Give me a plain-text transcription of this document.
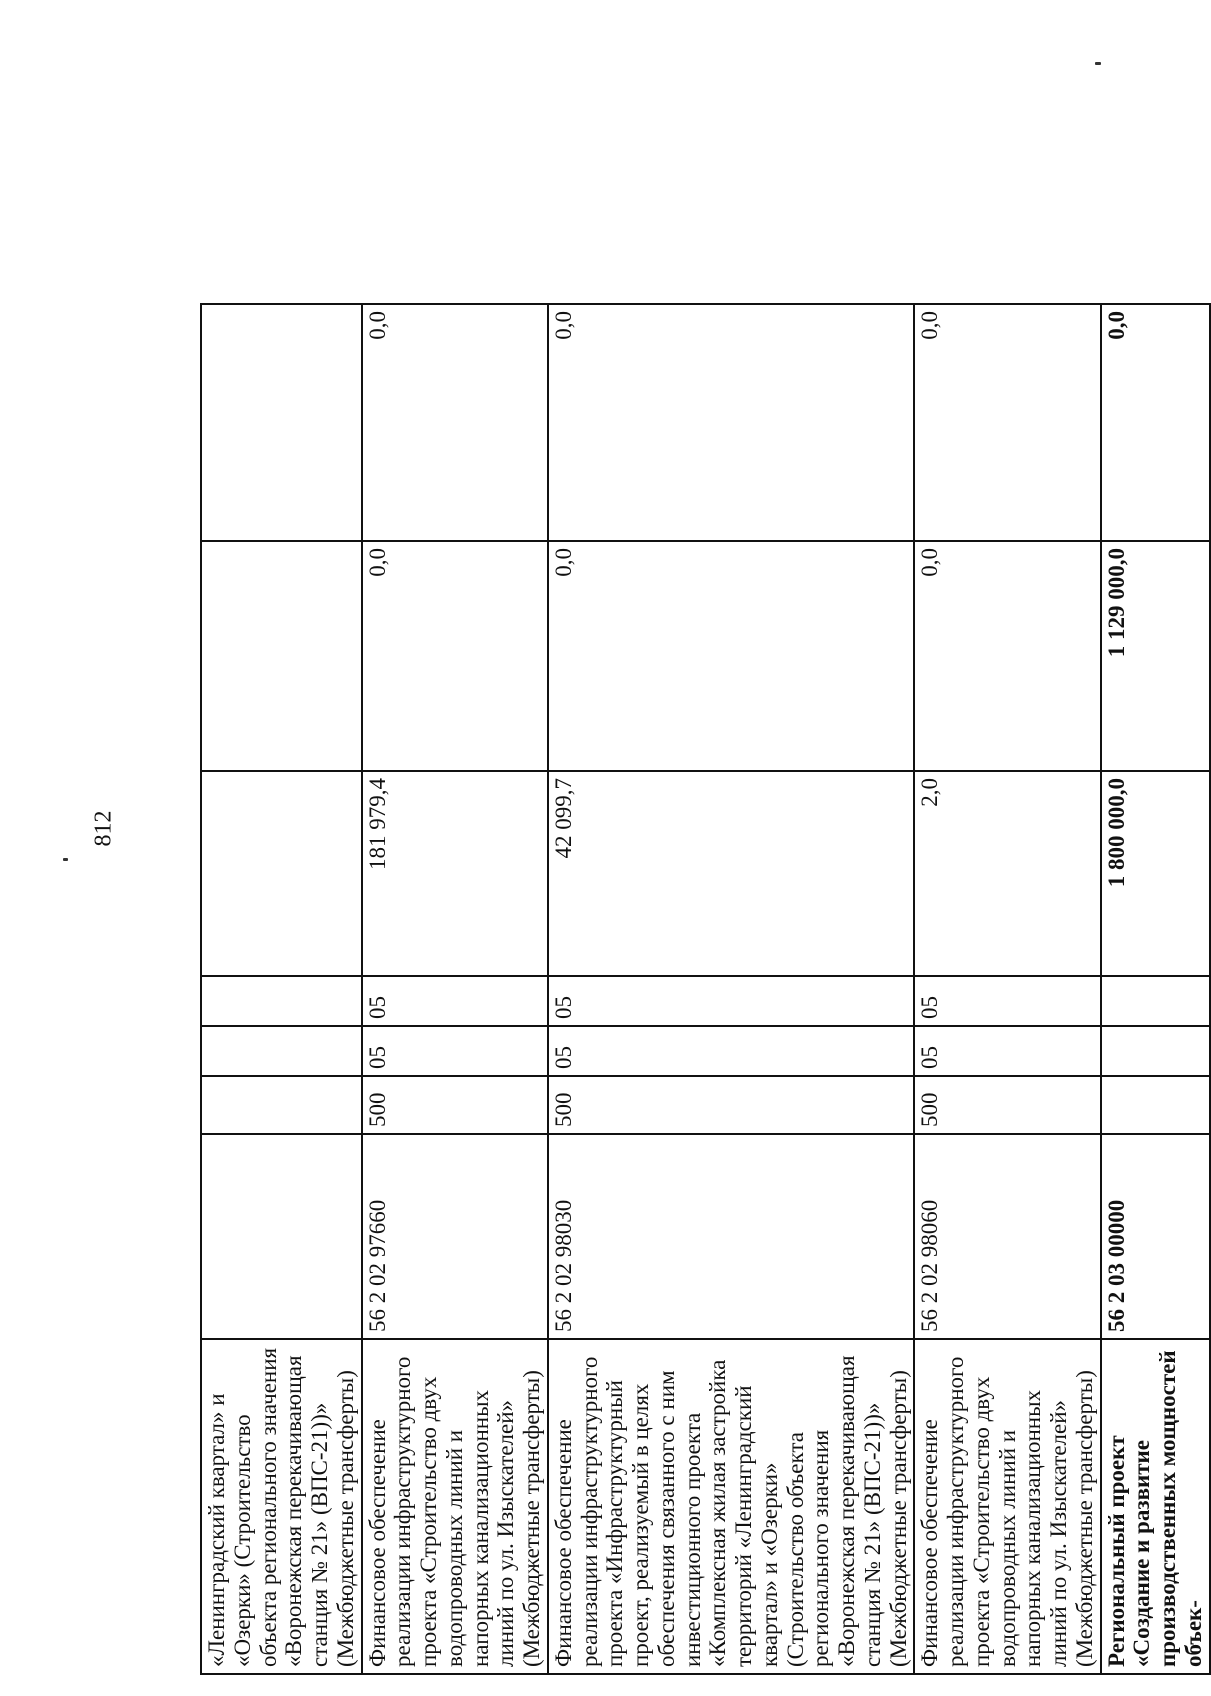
812
«Ленинградский квартал» и «Озерки» (Строительство объекта регионального значения «Воронежская перекачивающая станция № 21» (ВПС-21))» (Межбюджетные трансферты)							
Финансовое обеспечение реализации инфраструктурного проекта «Строительство двух водопроводных линий и напорных канализационных линий по ул. Изыскателей» (Межбюджетные трансферты)	56 2 02 97660	500	05	05	181 979,4	0,0	0,0
Финансовое обеспечение реализации инфраструктурного проекта «Инфраструктурный проект, реализуемый в целях обеспечения связанного с ним инвестиционного проекта «Комплексная жилая застройка территорий «Ленинградский квартал» и «Озерки» (Строительство объекта регионального значения «Воронежская перекачивающая станция № 21» (ВПС-21))» (Межбюджетные трансферты)	56 2 02 98030	500	05	05	42 099,7	0,0	0,0
Финансовое обеспечение реализации инфраструктурного проекта «Строительство двух водопроводных линий и напорных канализационных линий по ул. Изыскателей» (Межбюджетные трансферты)	56 2 02 98060	500	05	05	2,0	0,0	0,0
Региональный проект «Создание и развитие производственных мощностей объек-	56 2 03 00000				1 800 000,0	1 129 000,0	0,0
